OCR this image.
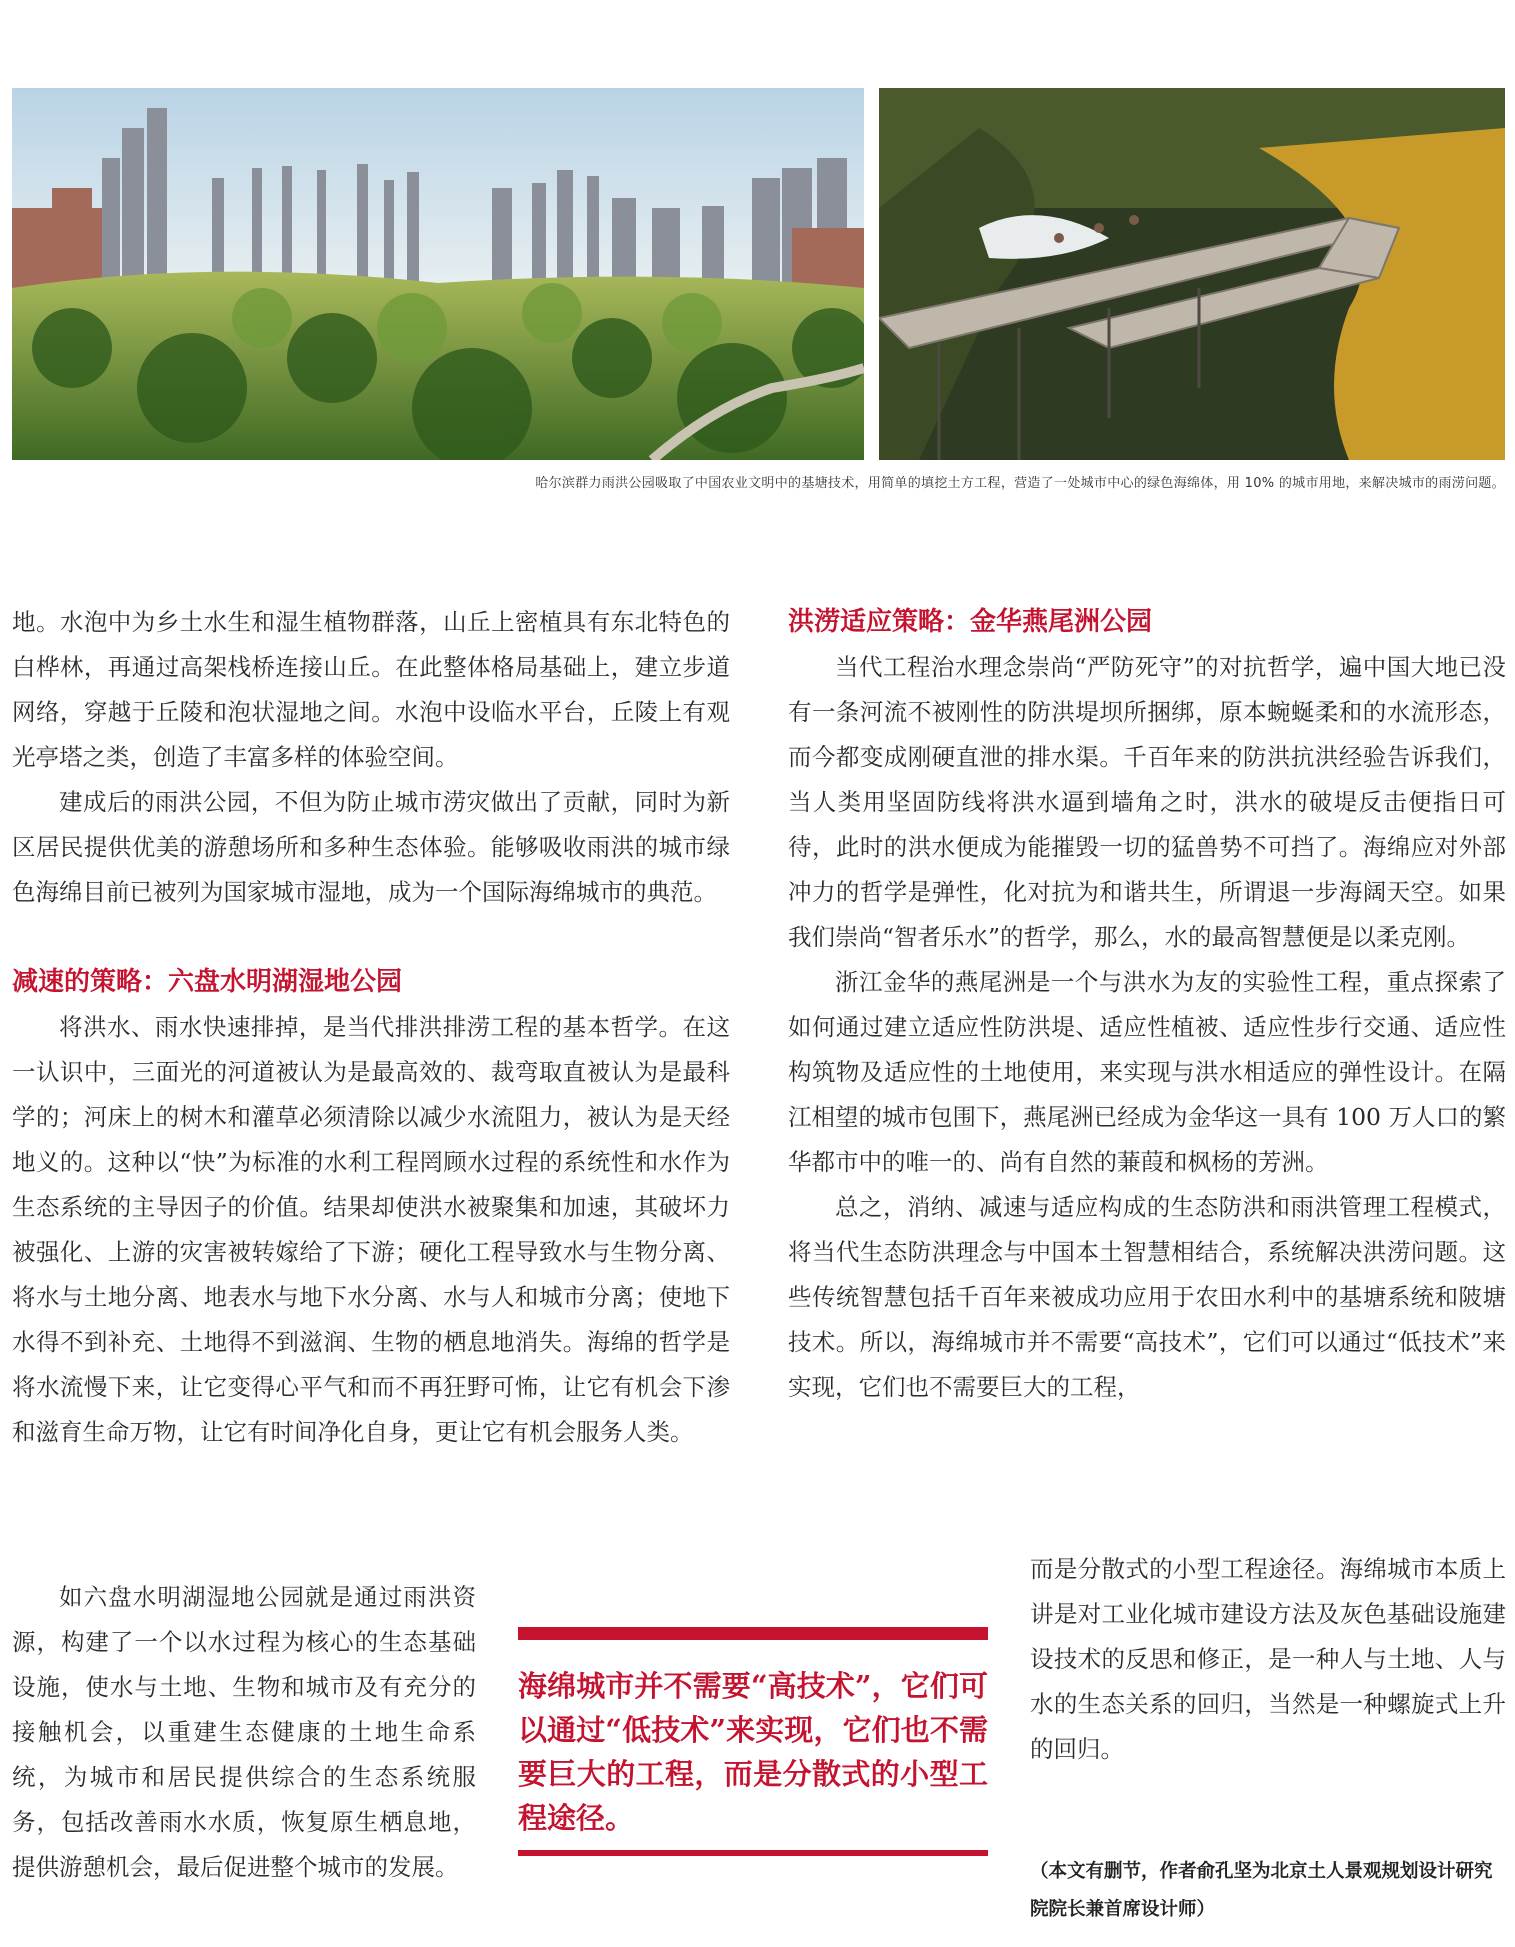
哈尔滨群力雨洪公园吸取了中国农业文明中的基塘技术，用简单的填挖土方工程，营造了一处城市中心的绿色海绵体，用 10% 的城市用地，来解决城市的雨涝问题。

地。水泡中为乡土水生和湿生植物群落，山丘上密植具有东北特色的白桦林，再通过高架栈桥连接山丘。在此整体格局基础上，建立步道网络，穿越于丘陵和泡状湿地之间。水泡中设临水平台，丘陵上有观光亭塔之类，创造了丰富多样的体验空间。

建成后的雨洪公园，不但为防止城市涝灾做出了贡献，同时为新区居民提供优美的游憩场所和多种生态体验。能够吸收雨洪的城市绿色海绵目前已被列为国家城市湿地，成为一个国际海绵城市的典范。

减速的策略：六盘水明湖湿地公园

将洪水、雨水快速排掉，是当代排洪排涝工程的基本哲学。在这一认识中，三面光的河道被认为是最高效的、裁弯取直被认为是最科学的；河床上的树木和灌草必须清除以减少水流阻力，被认为是天经地义的。这种以“快”为标准的水利工程罔顾水过程的系统性和水作为生态系统的主导因子的价值。结果却使洪水被聚集和加速，其破坏力被强化、上游的灾害被转嫁给了下游；硬化工程导致水与生物分离、将水与土地分离、地表水与地下水分离、水与人和城市分离；使地下水得不到补充、土地得不到滋润、生物的栖息地消失。海绵的哲学是将水流慢下来，让它变得心平气和而不再狂野可怖，让它有机会下渗和滋育生命万物，让它有时间净化自身，更让它有机会服务人类。

如六盘水明湖湿地公园就是通过雨洪资源，构建了一个以水过程为核心的生态基础设施，使水与土地、生物和城市及有充分的接触机会，以重建生态健康的土地生命系统，为城市和居民提供综合的生态系统服务，包括改善雨水水质，恢复原生栖息地，提供游憩机会，最后促进整个城市的发展。

洪涝适应策略：金华燕尾洲公园

当代工程治水理念崇尚“严防死守”的对抗哲学，遍中国大地已没有一条河流不被刚性的防洪堤坝所捆绑，原本蜿蜒柔和的水流形态，而今都变成刚硬直泄的排水渠。千百年来的防洪抗洪经验告诉我们，当人类用坚固防线将洪水逼到墙角之时，洪水的破堤反击便指日可待，此时的洪水便成为能摧毁一切的猛兽势不可挡了。海绵应对外部冲力的哲学是弹性，化对抗为和谐共生，所谓退一步海阔天空。如果我们崇尚“智者乐水”的哲学，那么，水的最高智慧便是以柔克刚。

浙江金华的燕尾洲是一个与洪水为友的实验性工程，重点探索了如何通过建立适应性防洪堤、适应性植被、适应性步行交通、适应性构筑物及适应性的土地使用，来实现与洪水相适应的弹性设计。在隔江相望的城市包围下，燕尾洲已经成为金华这一具有 100 万人口的繁华都市中的唯一的、尚有自然的蒹葭和枫杨的芳洲。

总之，消纳、减速与适应构成的生态防洪和雨洪管理工程模式，将当代生态防洪理念与中国本土智慧相结合，系统解决洪涝问题。这些传统智慧包括千百年来被成功应用于农田水利中的基塘系统和陂塘技术。所以，海绵城市并不需要“高技术”，它们可以通过“低技术”来实现，它们也不需要巨大的工程，

而是分散式的小型工程途径。海绵城市本质上讲是对工业化城市建设方法及灰色基础设施建设技术的反思和修正，是一种人与土地、人与水的生态关系的回归，当然是一种螺旋式上升的回归。

海绵城市并不需要“高技术”，它们可以通过“低技术”来实现，它们也不需要巨大的工程，而是分散式的小型工程途径。

（本文有删节，作者俞孔坚为北京土人景观规划设计研究院院长兼首席设计师）
